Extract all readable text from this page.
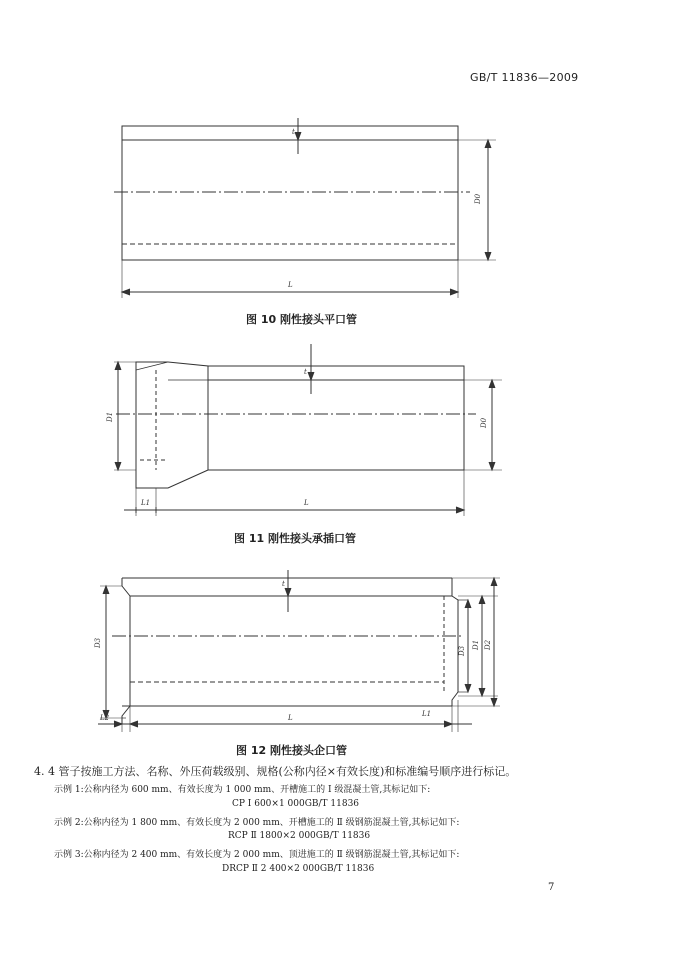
GB/T 11836—2009
t
D0
L
图 10 刚性接头平口管
t
D1
D0
L1	L
图 11 刚性接头承插口管
t
D3
D3
D1 D2
L2	L	L1
图 12 刚性接头企口管
4. 4 管子按施工方法、名称、外压荷载级别、规格(公称内径×有效长度)和标准编号顺序进行标记。
示例 1:公称内径为 600 mm、有效长度为 1 000 mm、开槽施工的 Ⅰ 级混凝土管,其标记如下:
CP Ⅰ 600×1 000GB/T 11836
示例 2:公称内径为 1 800 mm、有效长度为 2 000 mm、开槽施工的 Ⅱ 级钢筋混凝土管,其标记如下:
RCP Ⅱ 1800×2 000GB/T 11836
示例 3:公称内径为 2 400 mm、有效长度为 2 000 mm、顶进施工的 Ⅱ 级钢筋混凝土管,其标记如下:
DRCP Ⅱ 2 400×2 000GB/T 11836
7
